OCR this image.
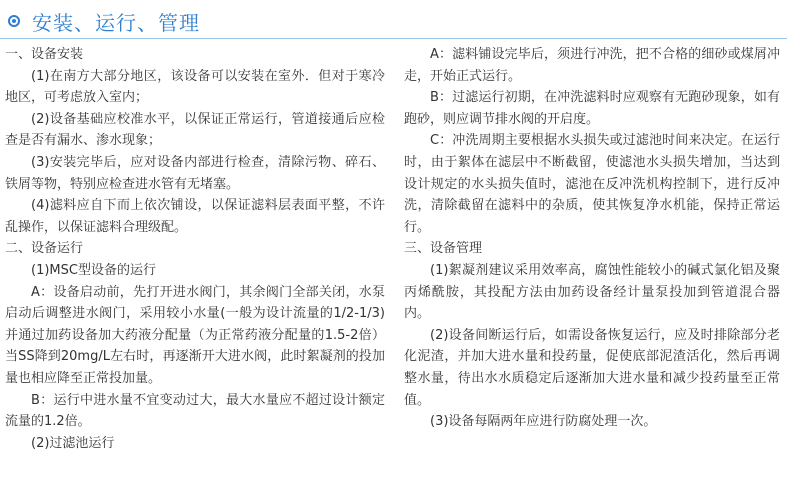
安装、运行、管理

一、设备安装

(1)在南方大部分地区，该设备可以安装在室外．但对于寒冷地区，可考虑放入室内；

(2)设备基础应校准水平，以保证正常运行，管道接通后应检查是否有漏水、渗水现象；

(3)安装完毕后，应对设备内部进行检查，清除污物、碎石、铁屑等物，特别应检查进水管有无堵塞。

(4)滤料应自下而上依次铺设，以保证滤料层表面平整，不许乱操作，以保证滤料合理级配。

二、设备运行

(1)MSC型设备的运行

A：设备启动前，先打开进水阀门，其余阀门全部关闭，水泵启动后调整进水阀门，采用较小水量(一般为设计流量的1/2-1/3)并通过加药设备加大药液分配量（为正常药液分配量的1.5-2倍）当SS降到20mg/L左右时，再逐渐开大进水阀，此时絮凝剂的投加量也相应降至正常投加量。

B：运行中进水量不宜变动过大，最大水量应不超过设计额定流量的1.2倍。

(2)过滤池运行

A：滤料铺设完毕后，须进行冲洗，把不合格的细砂或煤屑冲走，开始正式运行。

B：过滤运行初期，在冲洗滤料时应观察有无跑砂现象，如有跑砂，则应调节排水阀的开启度。

C：冲洗周期主要根据水头损失或过滤池时间来决定。在运行时，由于絮体在滤层中不断截留，使滤池水头损失增加，当达到设计规定的水头损失值时，滤池在反冲洗机构控制下，进行反冲洗，清除截留在滤料中的杂质，使其恢复净水机能，保持正常运行。

三、设备管理

(1)絮凝剂建议采用效率高，腐蚀性能较小的碱式氯化铝及聚丙烯酰胺，其投配方法由加药设备经计量泵投加到管道混合器内。

(2)设备间断运行后，如需设备恢复运行，应及时排除部分老化泥渣，并加大进水量和投药量，促使底部泥渣活化，然后再调整水量，待出水水质稳定后逐渐加大进水量和减少投药量至正常值。

(3)设备每隔两年应进行防腐处理一次。
